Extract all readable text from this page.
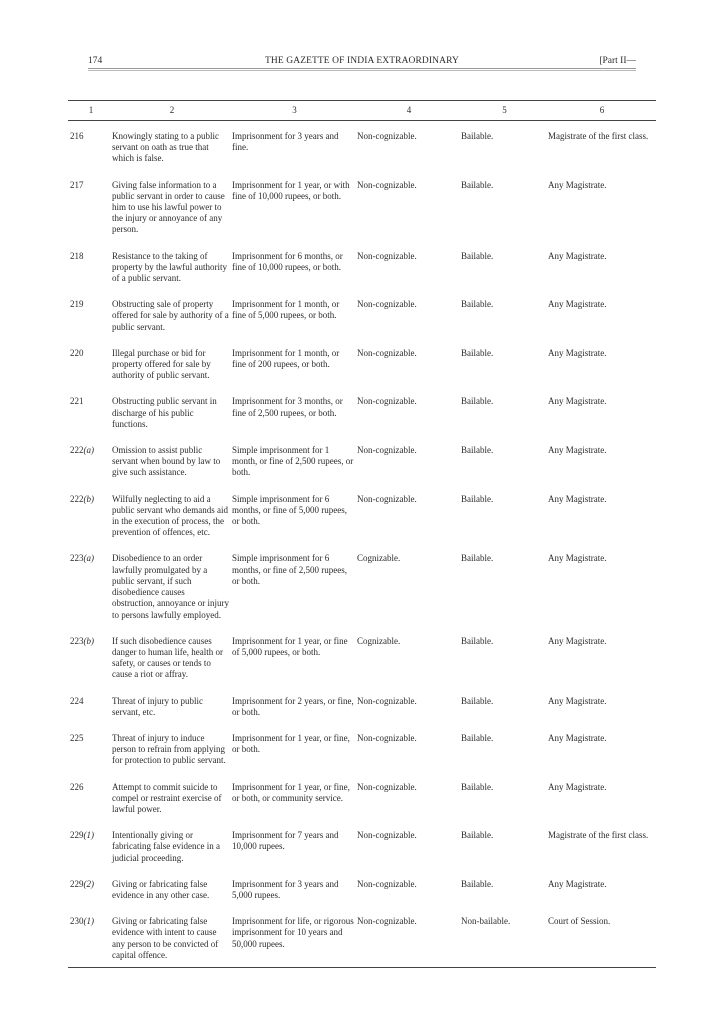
174	THE GAZETTE OF INDIA EXTRAORDINARY	[Part II—
1	2	3	4	5	6
216	Knowingly stating to a public servant on oath as true that which is false.	Imprisonment for 3 years and fine.	Non-cognizable.	Bailable.	Magistrate of the first class.
217	Giving false information to a public servant in order to cause him to use his lawful power to the injury or annoyance of any person.	Imprisonment for 1 year, or with fine of 10,000 rupees, or both.	Non-cognizable.	Bailable.	Any Magistrate.
218	Resistance to the taking of property by the lawful authority of a public servant.	Imprisonment for 6 months, or fine of 10,000 rupees, or both.	Non-cognizable.	Bailable.	Any Magistrate.
219	Obstructing sale of property offered for sale by authority of a public servant.	Imprisonment for 1 month, or fine of 5,000 rupees, or both.	Non-cognizable.	Bailable.	Any Magistrate.
220	Illegal purchase or bid for property offered for sale by authority of public servant.	Imprisonment for 1 month, or fine of 200 rupees, or both.	Non-cognizable.	Bailable.	Any Magistrate.
221	Obstructing public servant in discharge of his public functions.	Imprisonment for 3 months, or fine of 2,500 rupees, or both.	Non-cognizable.	Bailable.	Any Magistrate.
222(a)	Omission to assist public servant when bound by law to give such assistance.	Simple imprisonment for 1 month, or fine of 2,500 rupees, or both.	Non-cognizable.	Bailable.	Any Magistrate.
222(b)	Wilfully neglecting to aid a public servant who demands aid in the execution of process, the prevention of offences, etc.	Simple imprisonment for 6 months, or fine of 5,000 rupees, or both.	Non-cognizable.	Bailable.	Any Magistrate.
223(a)	Disobedience to an order lawfully promulgated by a public servant, if such disobedience causes obstruction, annoyance or injury to persons lawfully employed.	Simple imprisonment for 6 months, or fine of 2,500 rupees, or both.	Cognizable.	Bailable.	Any Magistrate.
223(b)	If such disobedience causes danger to human life, health or safety, or causes or tends to cause a riot or affray.	Imprisonment for 1 year, or fine of 5,000 rupees, or both.	Cognizable.	Bailable.	Any Magistrate.
224	Threat of injury to public servant, etc.	Imprisonment for 2 years, or fine, or both.	Non-cognizable.	Bailable.	Any Magistrate.
225	Threat of injury to induce person to refrain from applying for protection to public servant.	Imprisonment for 1 year, or fine, or both.	Non-cognizable.	Bailable.	Any Magistrate.
226	Attempt to commit suicide to compel or restraint exercise of lawful power.	Imprisonment for 1 year, or fine, or both, or community service.	Non-cognizable.	Bailable.	Any Magistrate.
229(1)	Intentionally giving or fabricating false evidence in a judicial proceeding.	Imprisonment for 7 years and 10,000 rupees.	Non-cognizable.	Bailable.	Magistrate of the first class.
229(2)	Giving or fabricating false evidence in any other case.	Imprisonment for 3 years and 5,000 rupees.	Non-cognizable.	Bailable.	Any Magistrate.
230(1)	Giving or fabricating false evidence with intent to cause any person to be convicted of capital offence.	Imprisonment for life, or rigorous imprisonment for 10 years and 50,000 rupees.	Non-cognizable.	Non-bailable.	Court of Session.
